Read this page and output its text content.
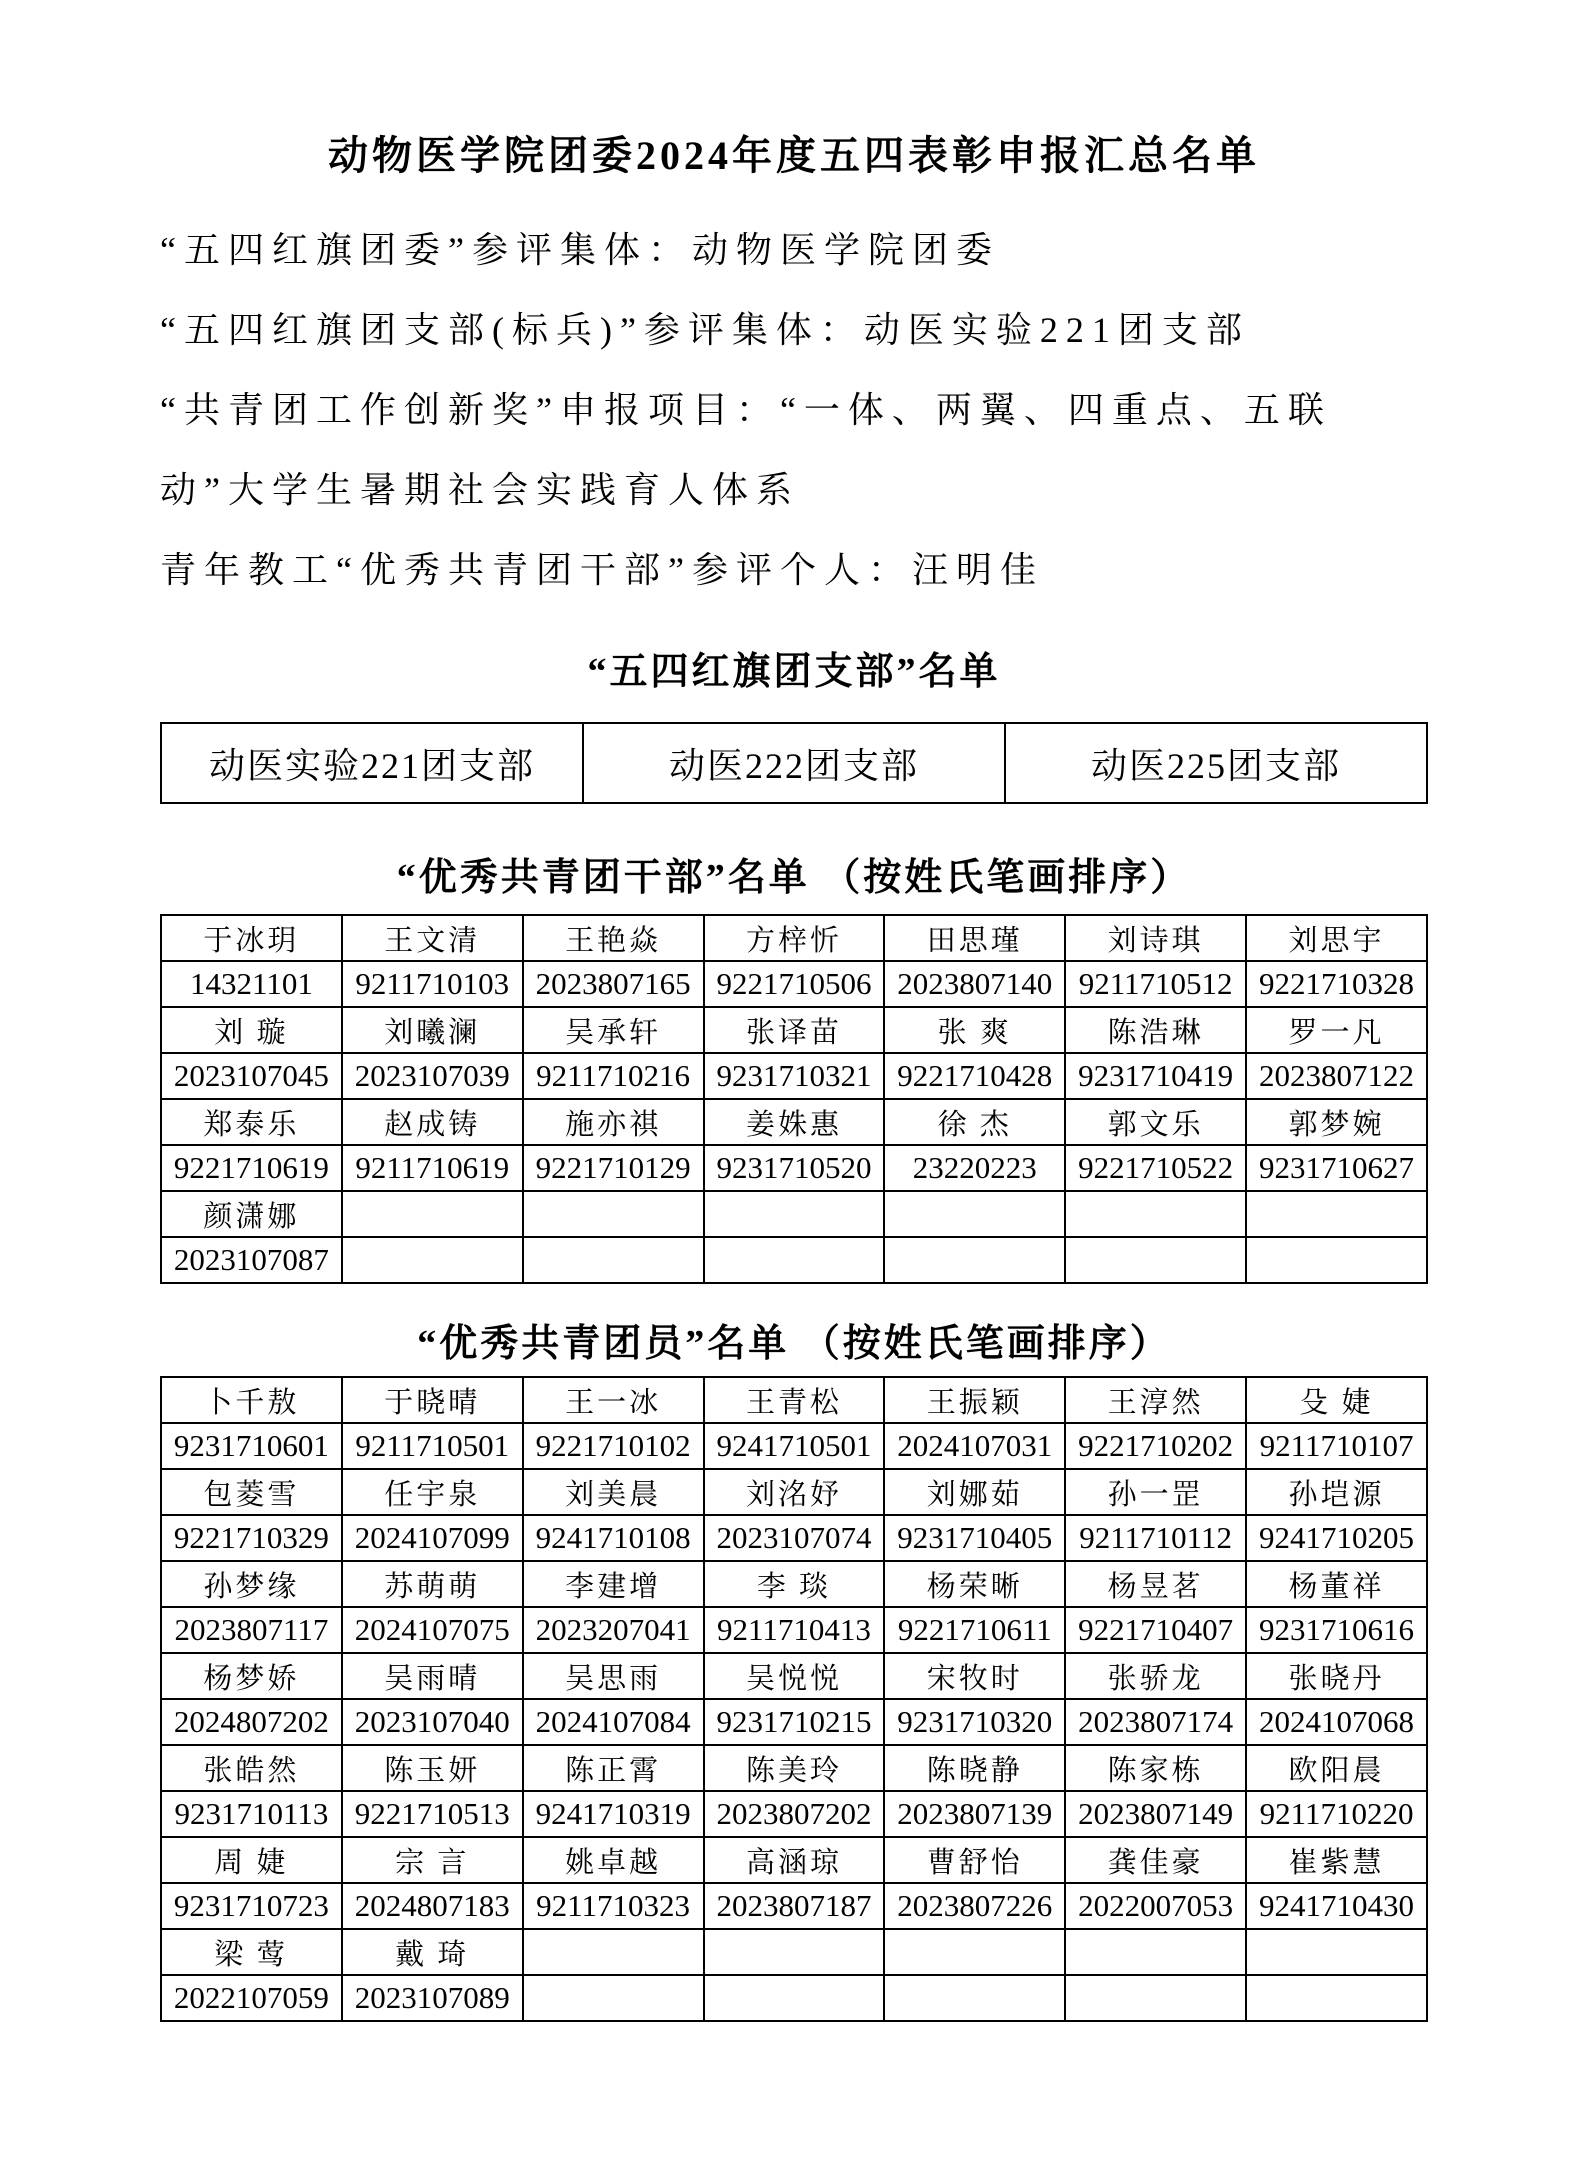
动物医学院团委2024年度五四表彰申报汇总名单

“五四红旗团委”参评集体：动物医学院团委

“五四红旗团支部(标兵)”参评集体：动医实验221团支部

“共青团工作创新奖”申报项目：“一体、两翼、四重点、五联动”大学生暑期社会实践育人体系

青年教工“优秀共青团干部”参评个人：汪明佳

“五四红旗团支部”名单
动医实验221团支部	动医222团支部	动医225团支部
“优秀共青团干部”名单 （按姓氏笔画排序）
于冰玥	王文清	王艳焱	方梓忻	田思瑾	刘诗琪	刘思宇
14321101	9211710103	2023807165	9221710506	2023807140	9211710512	9221710328
刘 璇	刘曦澜	吴承轩	张译苗	张 爽	陈浩琳	罗一凡
2023107045	2023107039	9211710216	9231710321	9221710428	9231710419	2023807122
郑泰乐	赵成铸	施亦祺	姜姝惠	徐 杰	郭文乐	郭梦婉
9221710619	9211710619	9221710129	9231710520	23220223	9221710522	9231710627
颜潇娜						
2023107087						
“优秀共青团员”名单 （按姓氏笔画排序）
卜千敖	于晓晴	王一冰	王青松	王振颖	王淳然	殳 婕
9231710601	9211710501	9221710102	9241710501	2024107031	9221710202	9211710107
包菱雪	任宇泉	刘美晨	刘洺妤	刘娜茹	孙一罡	孙垲源
9221710329	2024107099	9241710108	2023107074	9231710405	9211710112	9241710205
孙梦缘	苏萌萌	李建增	李 琰	杨荣晰	杨昱茗	杨董祥
2023807117	2024107075	2023207041	9211710413	9221710611	9221710407	9231710616
杨梦娇	吴雨晴	吴思雨	吴悦悦	宋牧时	张骄龙	张晓丹
2024807202	2023107040	2024107084	9231710215	9231710320	2023807174	2024107068
张皓然	陈玉妍	陈正霄	陈美玲	陈晓静	陈家栋	欧阳晨
9231710113	9221710513	9241710319	2023807202	2023807139	2023807149	9211710220
周 婕	宗 言	姚卓越	高涵琼	曹舒怡	龚佳豪	崔紫慧
9231710723	2024807183	9211710323	2023807187	2023807226	2022007053	9241710430
梁 莺	戴 琦					
2022107059	2023107089					
